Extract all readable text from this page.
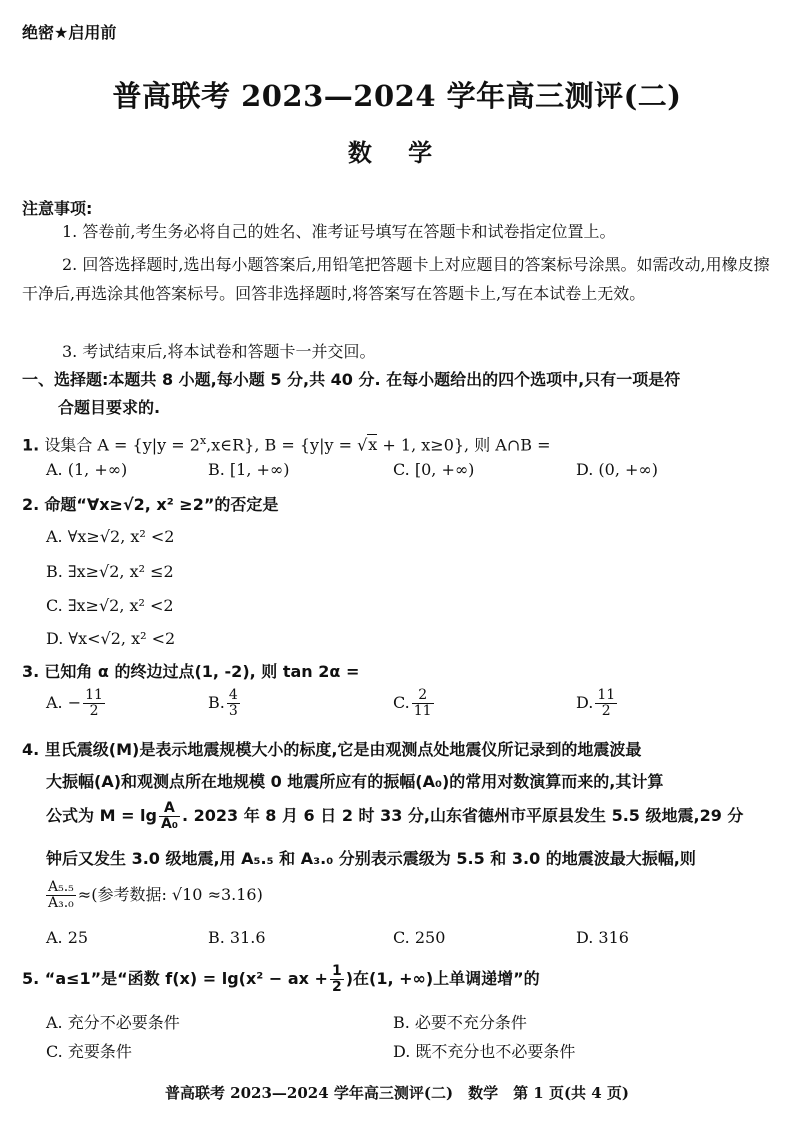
绝密★启用前
普高联考 2023—2024 学年高三测评(二)
数 学
注意事项:
1. 答卷前,考生务必将自己的姓名、准考证号填写在答题卡和试卷指定位置上。
2. 回答选择题时,选出每小题答案后,用铅笔把答题卡上对应题目的答案标号涂黑。如需改动,用橡皮擦干净后,再选涂其他答案标号。回答非选择题时,将答案写在答题卡上,写在本试卷上无效。
3. 考试结束后,将本试卷和答题卡一并交回。
一、选择题:本题共 8 小题,每小题 5 分,共 40 分. 在每小题给出的四个选项中,只有一项是符
合题目要求的.
1. 设集合 $A = \{y|y = 2^x,x\in R\}$, B = {y|y = √x + 1, x≥0}, 则 A∩B =
A. (1, +∞)	B. [1, +∞)	C. [0, +∞)	D. (0, +∞)
2. 命题“∀x≥√2, x² ≥2”的否定是
A. ∀x≥√2, x² <2
B. ∃x≥√2, x² ≤2
C. ∃x≥√2, x² <2
D. ∀x<√2, x² <2
3. 已知角 α 的终边过点(1, -2), 则 tan 2α =
A. − $\frac{11}{2}$	B. $\frac{4}{3}$	C. $\frac{2}{11}$	D. $\frac{11}{2}$
4. 里氏震级(M)是表示地震规模大小的标度,它是由观测点处地震仪所记录到的地震波最
大振幅(A)和观测点所在地规模 0 地震所应有的振幅(A₀)的常用对数演算而来的,其计算
公式为 $M = \lg \frac{A}{\text{A₀}}$ . 2023 年 8 月 6 日 2 时 33 分,山东省德州市平原县发生 5.5 级地震,29 分
钟后又发生 3.0 级地震,用 A₅.₅ 和 A₃.₀ 分别表示震级为 5.5 和 3.0 的地震波最大振幅,则
$\frac{\text{A₅.₅}}{\text{A₃.₀}}$ ≈(参考数据: √10 ≈3.16)
A. 25	B. 31.6	C. 250	D. 316
5. “a≤1”是“函数 f(x) = lg(x² − ax + $\frac{1}{2}$ )在(1, +∞)上单调递增”的
A. 充分不必要条件	B. 必要不充分条件
C. 充要条件	D. 既不充分也不必要条件
普高联考 2023—2024 学年高三测评(二)　数学　第 1 页(共 4 页)
